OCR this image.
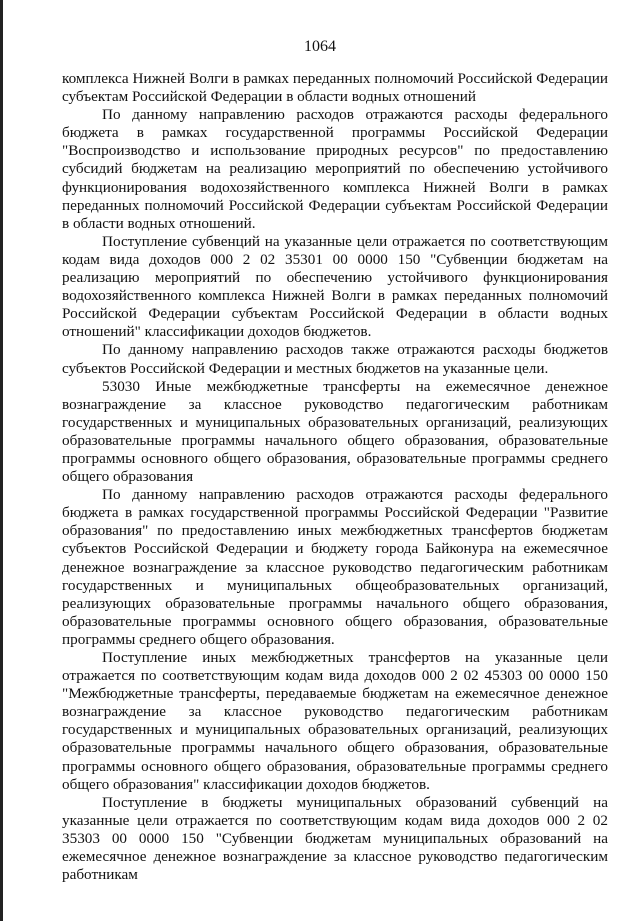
1064

комплекса Нижней Волги в рамках переданных полномочий Российской Федерации субъектам Российской Федерации в области водных отношений

По данному направлению расходов отражаются расходы федерального бюджета в рамках государственной программы Российской Федерации "Воспроизводство и использование природных ресурсов" по предоставлению субсидий бюджетам на реализацию мероприятий по обеспечению устойчивого функционирования водохозяйственного комплекса Нижней Волги в рамках переданных полномочий Российской Федерации субъектам Российской Федерации в области водных отношений.

Поступление субвенций на указанные цели отражается по соответствующим кодам вида доходов 000 2 02 35301 00 0000 150 "Субвенции бюджетам на реализацию мероприятий по обеспечению устойчивого функционирования водохозяйственного комплекса Нижней Волги в рамках переданных полномочий Российской Федерации субъектам Российской Федерации в области водных отношений" классификации доходов бюджетов.

По данному направлению расходов также отражаются расходы бюджетов субъектов Российской Федерации и местных бюджетов на указанные цели.

53030 Иные межбюджетные трансферты на ежемесячное денежное вознаграждение за классное руководство педагогическим работникам государственных и муниципальных образовательных организаций, реализующих образовательные программы начального общего образования, образовательные программы основного общего образования, образовательные программы среднего общего образования

По данному направлению расходов отражаются расходы федерального бюджета в рамках государственной программы Российской Федерации "Развитие образования" по предоставлению иных межбюджетных трансфертов бюджетам субъектов Российской Федерации и бюджету города Байконура на ежемесячное денежное вознаграждение за классное руководство педагогическим работникам государственных и муниципальных общеобразовательных организаций, реализующих образовательные программы начального общего образования, образовательные программы основного общего образования, образовательные программы среднего общего образования.

Поступление иных межбюджетных трансфертов на указанные цели отражается по соответствующим кодам вида доходов 000 2 02 45303 00 0000 150 "Межбюджетные трансферты, передаваемые бюджетам на ежемесячное денежное вознаграждение за классное руководство педагогическим работникам государственных и муниципальных образовательных организаций, реализующих образовательные программы начального общего образования, образовательные программы основного общего образования, образовательные программы среднего общего образования" классификации доходов бюджетов.

Поступление в бюджеты муниципальных образований субвенций на указанные цели отражается по соответствующим кодам вида доходов 000 2 02 35303 00 0000 150 "Субвенции бюджетам муниципальных образований на ежемесячное денежное вознаграждение за классное руководство педагогическим работникам
